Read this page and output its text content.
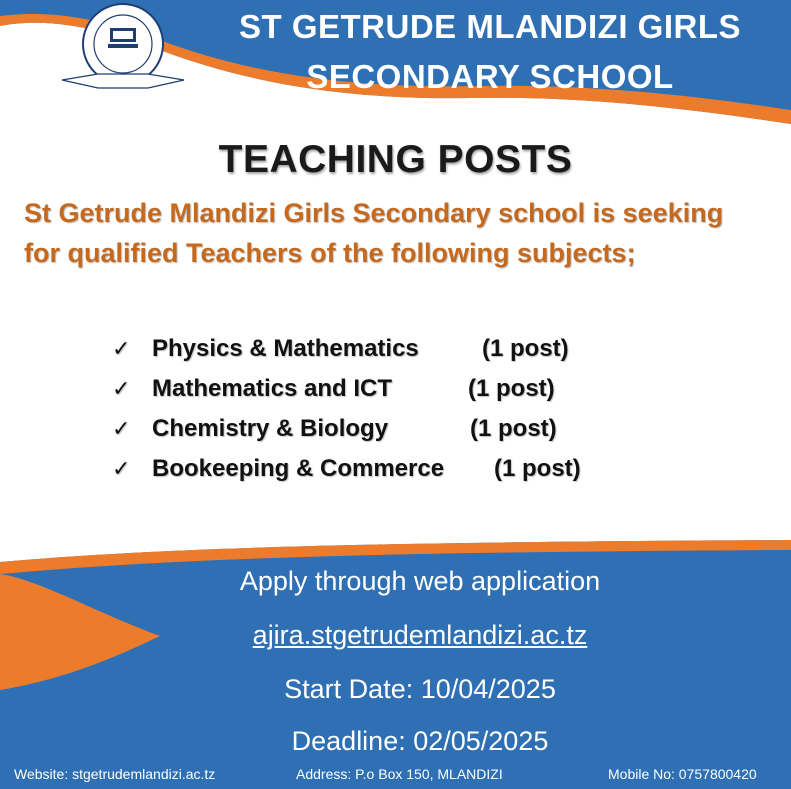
ST GETRUDE MLANDIZI GIRLS
SECONDARY SCHOOL
TEACHING POSTS

St Getrude Mlandizi Girls Secondary school is seeking for qualified Teachers of the following subjects;

✓ Physics & Mathematics	(1 post)
✓ Mathematics and ICT	(1 post)
✓ Chemistry & Biology	(1 post)
✓ Bookeeping & Commerce	(1 post)
Apply through web application
ajira.stgetrudemlandizi.ac.tz
Start Date: 10/04/2025
Deadline: 02/05/2025
Website: stgetrudemlandizi.ac.tz	Address: P.o Box 150, MLANDIZI	Mobile No: 0757800420
